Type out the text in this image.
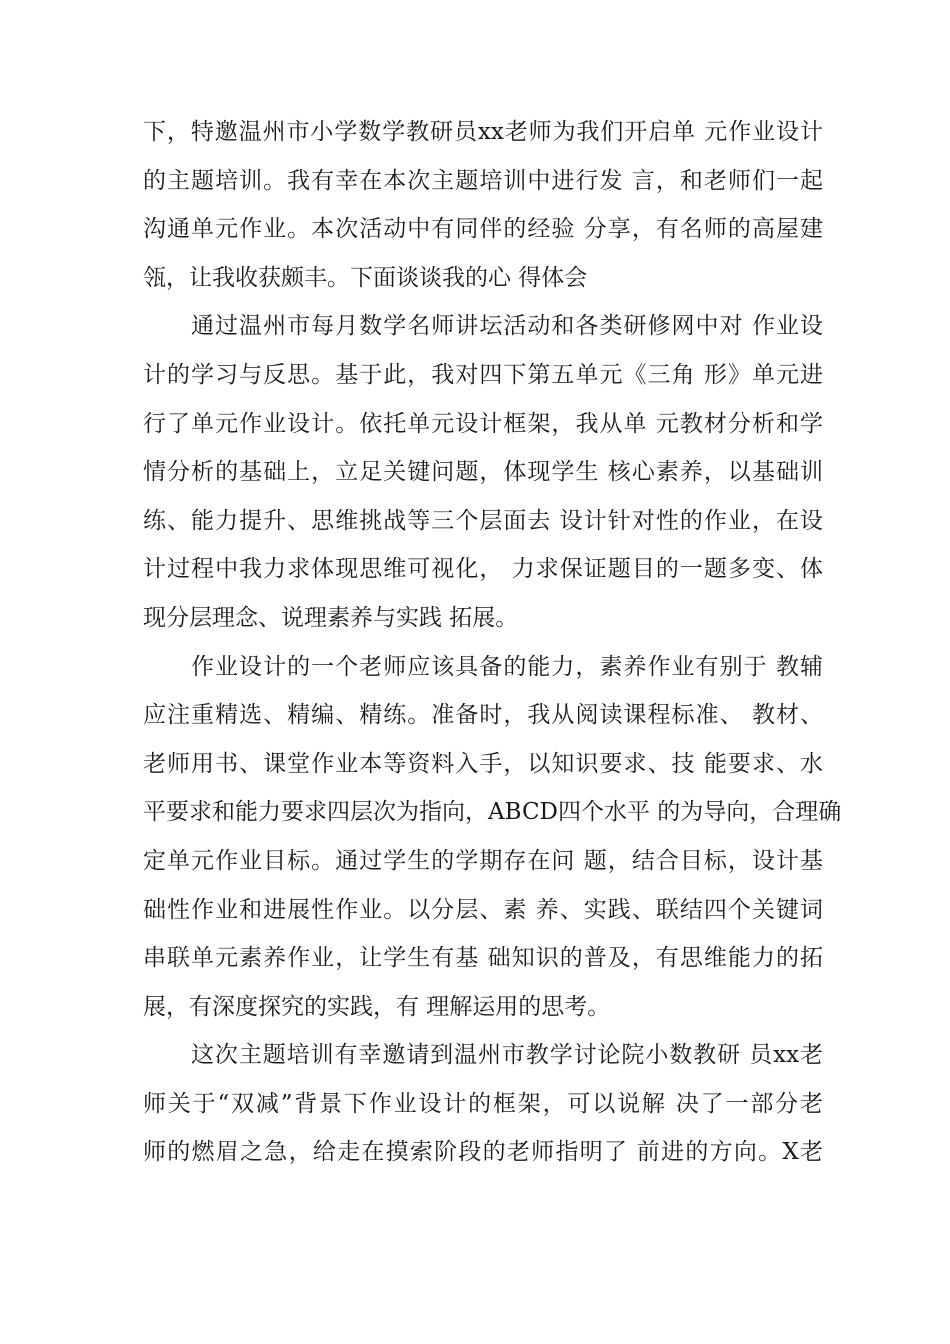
下，特邀温州市小学数学教研员xx老师为我们开启单 元作业设计
的主题培训。我有幸在本次主题培训中进行发 言，和老师们一起
沟通单元作业。本次活动中有同伴的经验 分享，有名师的高屋建
瓴，让我收获颇丰。下面谈谈我的心 得体会
通过温州市每月数学名师讲坛活动和各类研修网中对 作业设
计的学习与反思。基于此，我对四下第五单元《三角 形》单元进
行了单元作业设计。依托单元设计框架，我从单 元教材分析和学
情分析的基础上，立足关键问题，体现学生 核心素养，以基础训
练、能力提升、思维挑战等三个层面去 设计针对性的作业，在设
计过程中我力求体现思维可视化， 力求保证题目的一题多变、体
现分层理念、说理素养与实践 拓展。
作业设计的一个老师应该具备的能力，素养作业有别于 教辅
应注重精选、精编、精练。准备时，我从阅读课程标准、 教材、
老师用书、课堂作业本等资料入手，以知识要求、技 能要求、水
平要求和能力要求四层次为指向，ABCD四个水平 的为导向，合理确
定单元作业目标。通过学生的学期存在问 题，结合目标，设计基
础性作业和进展性作业。以分层、素 养、实践、联结四个关键词
串联单元素养作业，让学生有基 础知识的普及，有思维能力的拓
展，有深度探究的实践，有 理解运用的思考。
这次主题培训有幸邀请到温州市教学讨论院小数教研 员xx老
师关于“双减”背景下作业设计的框架，可以说解 决了一部分老
师的燃眉之急，给走在摸索阶段的老师指明了 前进的方向。X老
